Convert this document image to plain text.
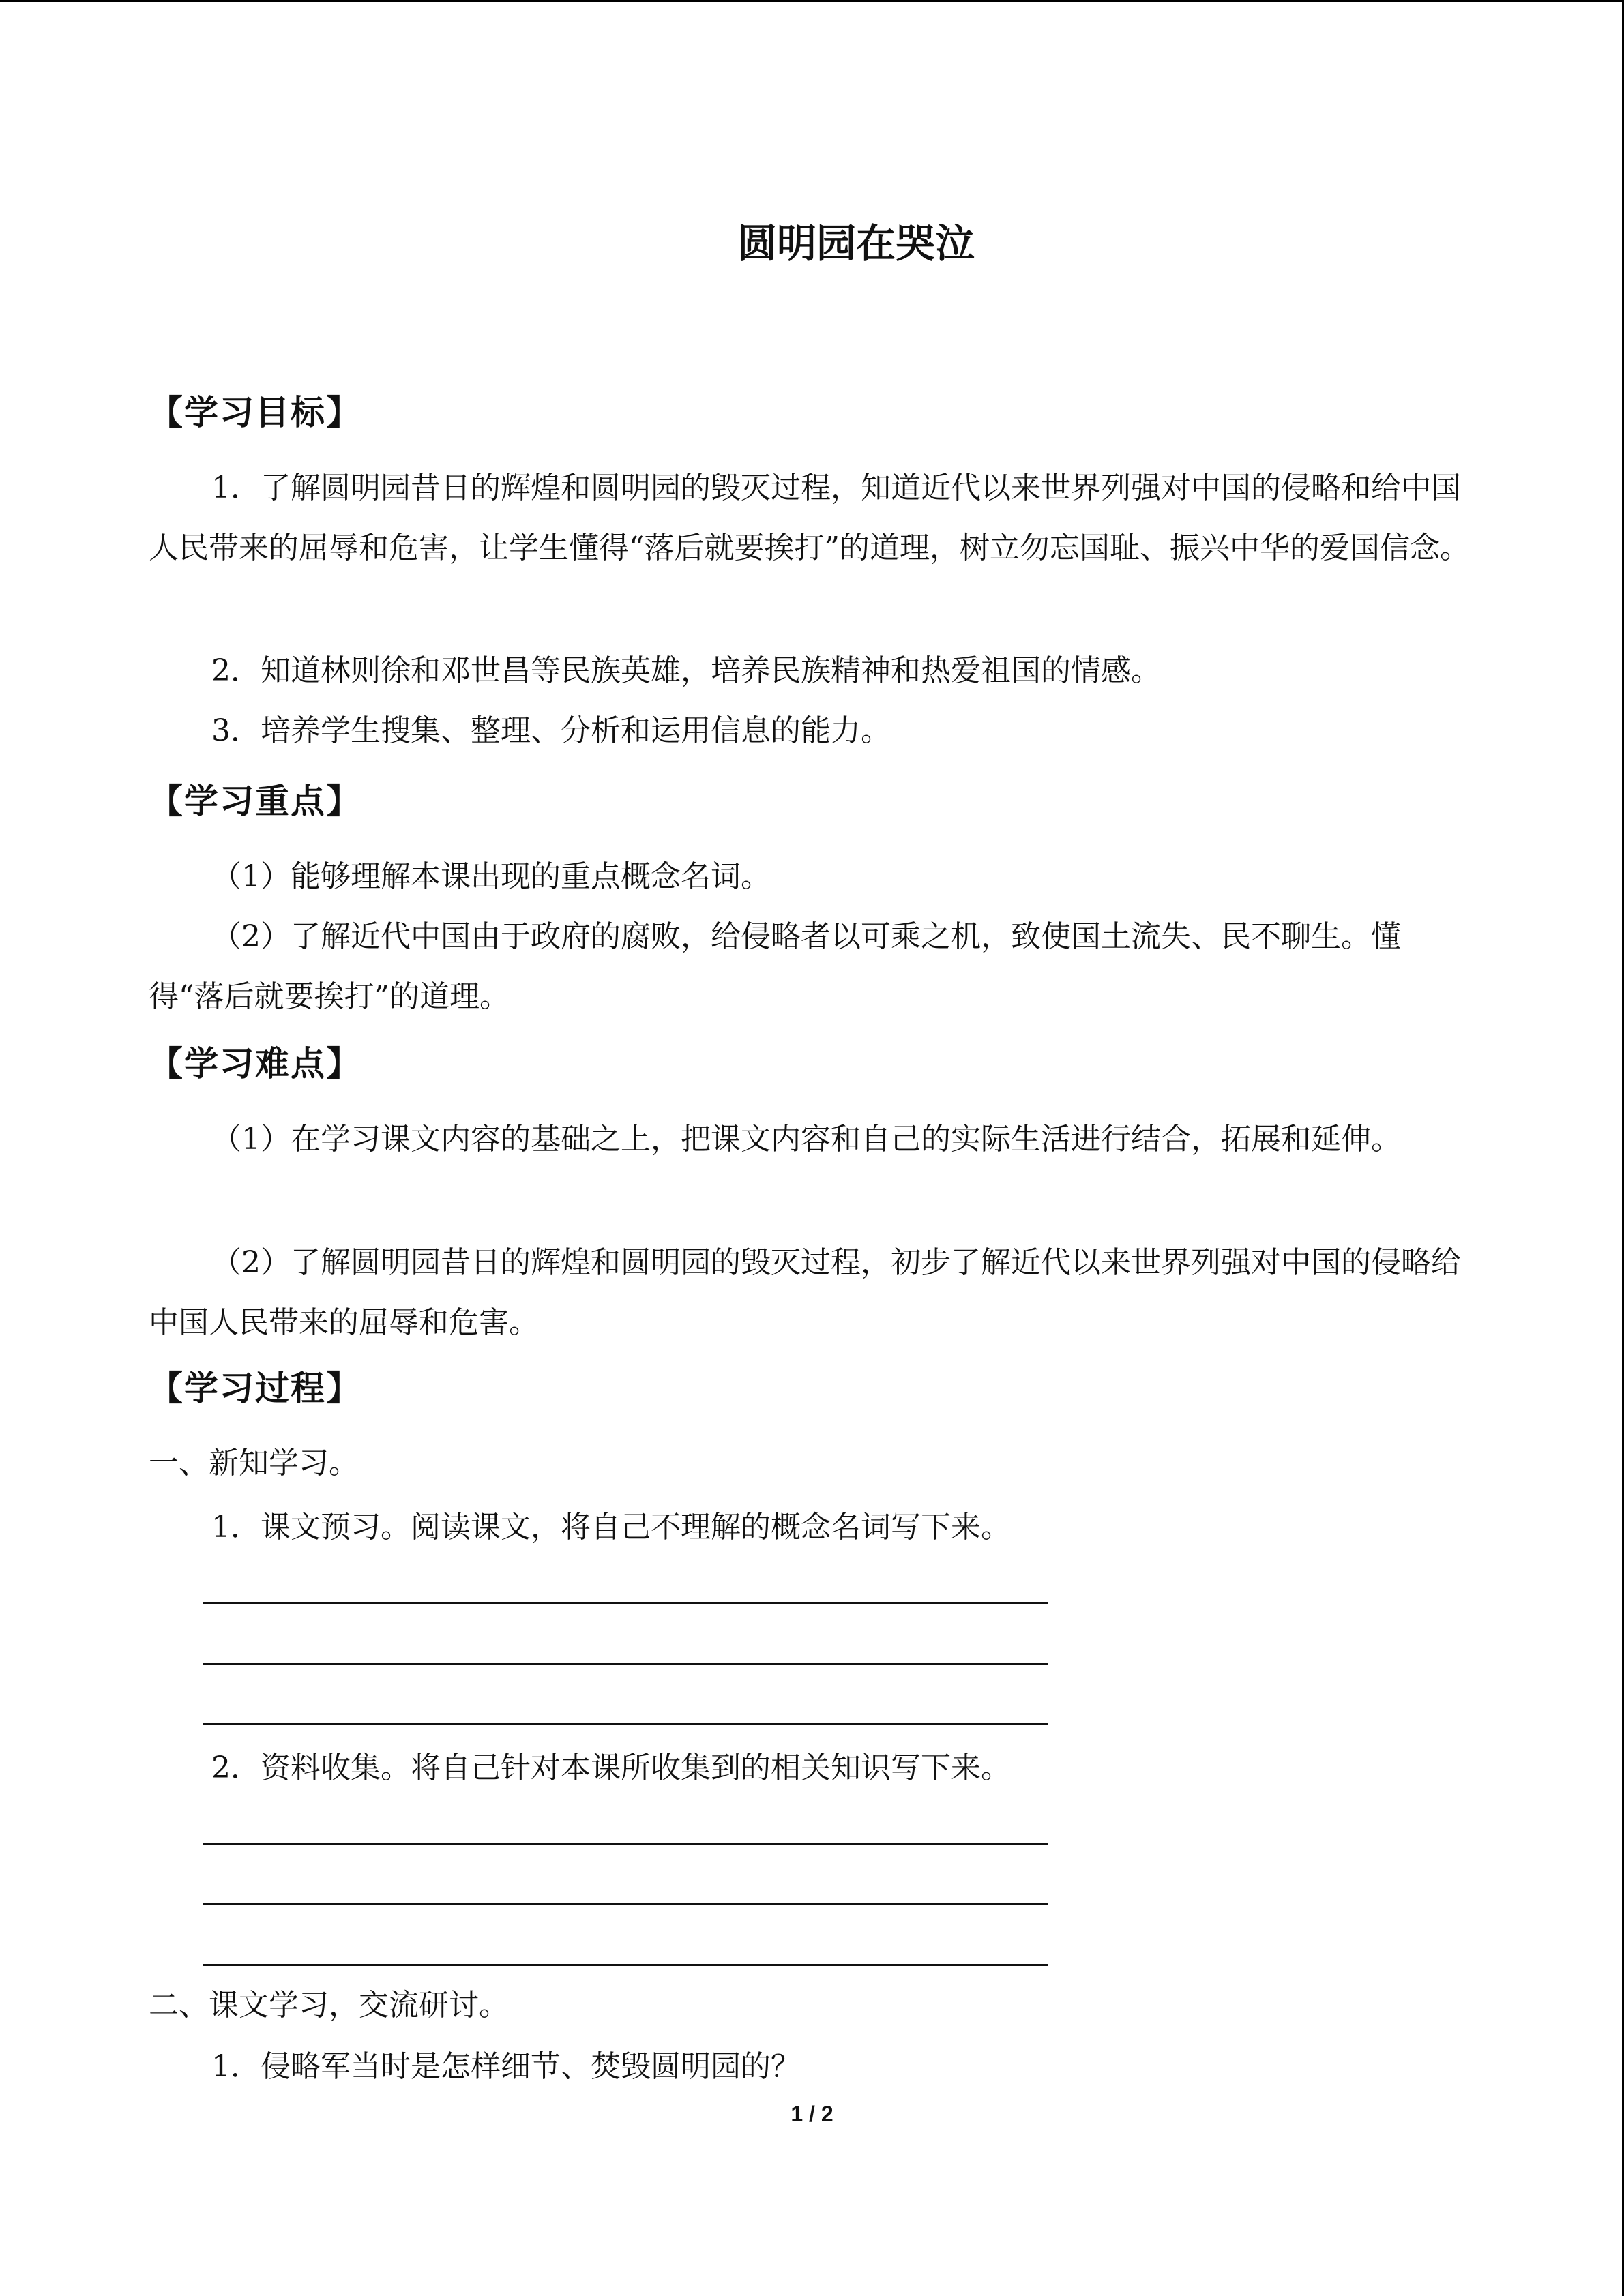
圆明园在哭泣
【学习目标】

1．了解圆明园昔日的辉煌和圆明园的毁灭过程，知道近代以来世界列强对中国的侵略和给中国人民带来的屈辱和危害，让学生懂得“落后就要挨打”的道理，树立勿忘国耻、振兴中华的爱国信念。

2．知道林则徐和邓世昌等民族英雄，培养民族精神和热爱祖国的情感。

3．培养学生搜集、整理、分析和运用信息的能力。

【学习重点】

（1）能够理解本课出现的重点概念名词。

（2）了解近代中国由于政府的腐败，给侵略者以可乘之机，致使国土流失、民不聊生。懂得“落后就要挨打”的道理。

【学习难点】

（1）在学习课文内容的基础之上，把课文内容和自己的实际生活进行结合，拓展和延伸。

（2）了解圆明园昔日的辉煌和圆明园的毁灭过程，初步了解近代以来世界列强对中国的侵略给中国人民带来的屈辱和危害。

【学习过程】

一、新知学习。

1．课文预习。阅读课文，将自己不理解的概念名词写下来。

2．资料收集。将自己针对本课所收集到的相关知识写下来。

二、课文学习，交流研讨。

1．侵略军当时是怎样细节、焚毁圆明园的？

1 / 2
